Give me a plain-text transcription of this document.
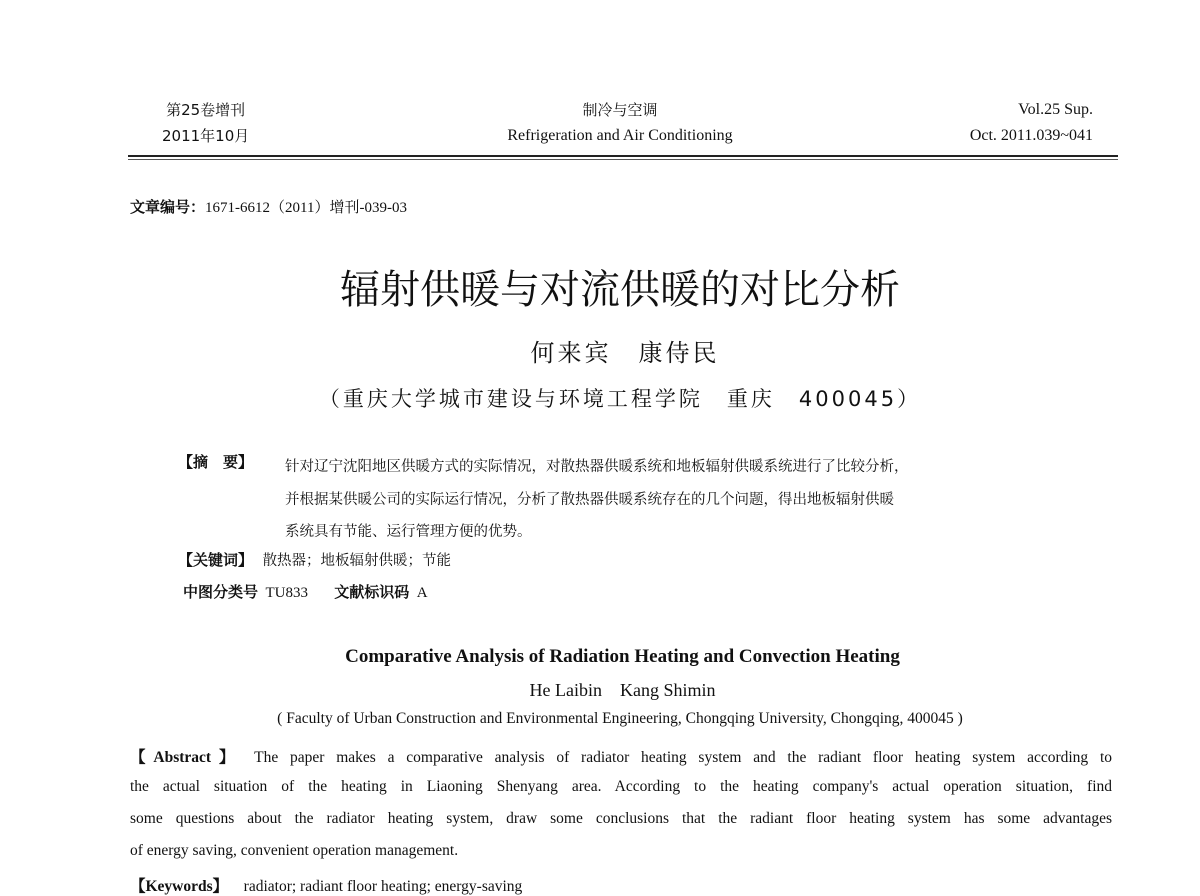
第25卷增刊
2011年10月
制冷与空调
Refrigeration and Air Conditioning
Vol.25 Sup.
Oct. 2011.039~041
文章编号：1671-6612（2011）增刊-039-03
辐射供暖与对流供暖的对比分析
何来宾　康侍民
（重庆大学城市建设与环境工程学院　重庆　400045）
【摘　要】 针对辽宁沈阳地区供暖方式的实际情况，对散热器供暖系统和地板辐射供暖系统进行了比较分析，
并根据某供暖公司的实际运行情况，分析了散热器供暖系统存在的几个问题，得出地板辐射供暖
系统具有节能、运行管理方便的优势。
【关键词】 散热器；地板辐射供暖；节能
中图分类号 TU833 文献标识码 A
Comparative Analysis of Radiation Heating and Convection Heating
He Laibin　Kang Shimin
( Faculty of Urban Construction and Environmental Engineering, Chongqing University, Chongqing, 400045 )
【Abstract】 The paper makes a comparative analysis of radiator heating system and the radiant floor heating system according to
the actual situation of the heating in Liaoning Shenyang area. According to the heating company's actual operation situation, find
some questions about the radiator heating system, draw some conclusions that the radiant floor heating system has some advantages
of energy saving, convenient operation management.
【Keywords】 radiator; radiant floor heating; energy-saving
